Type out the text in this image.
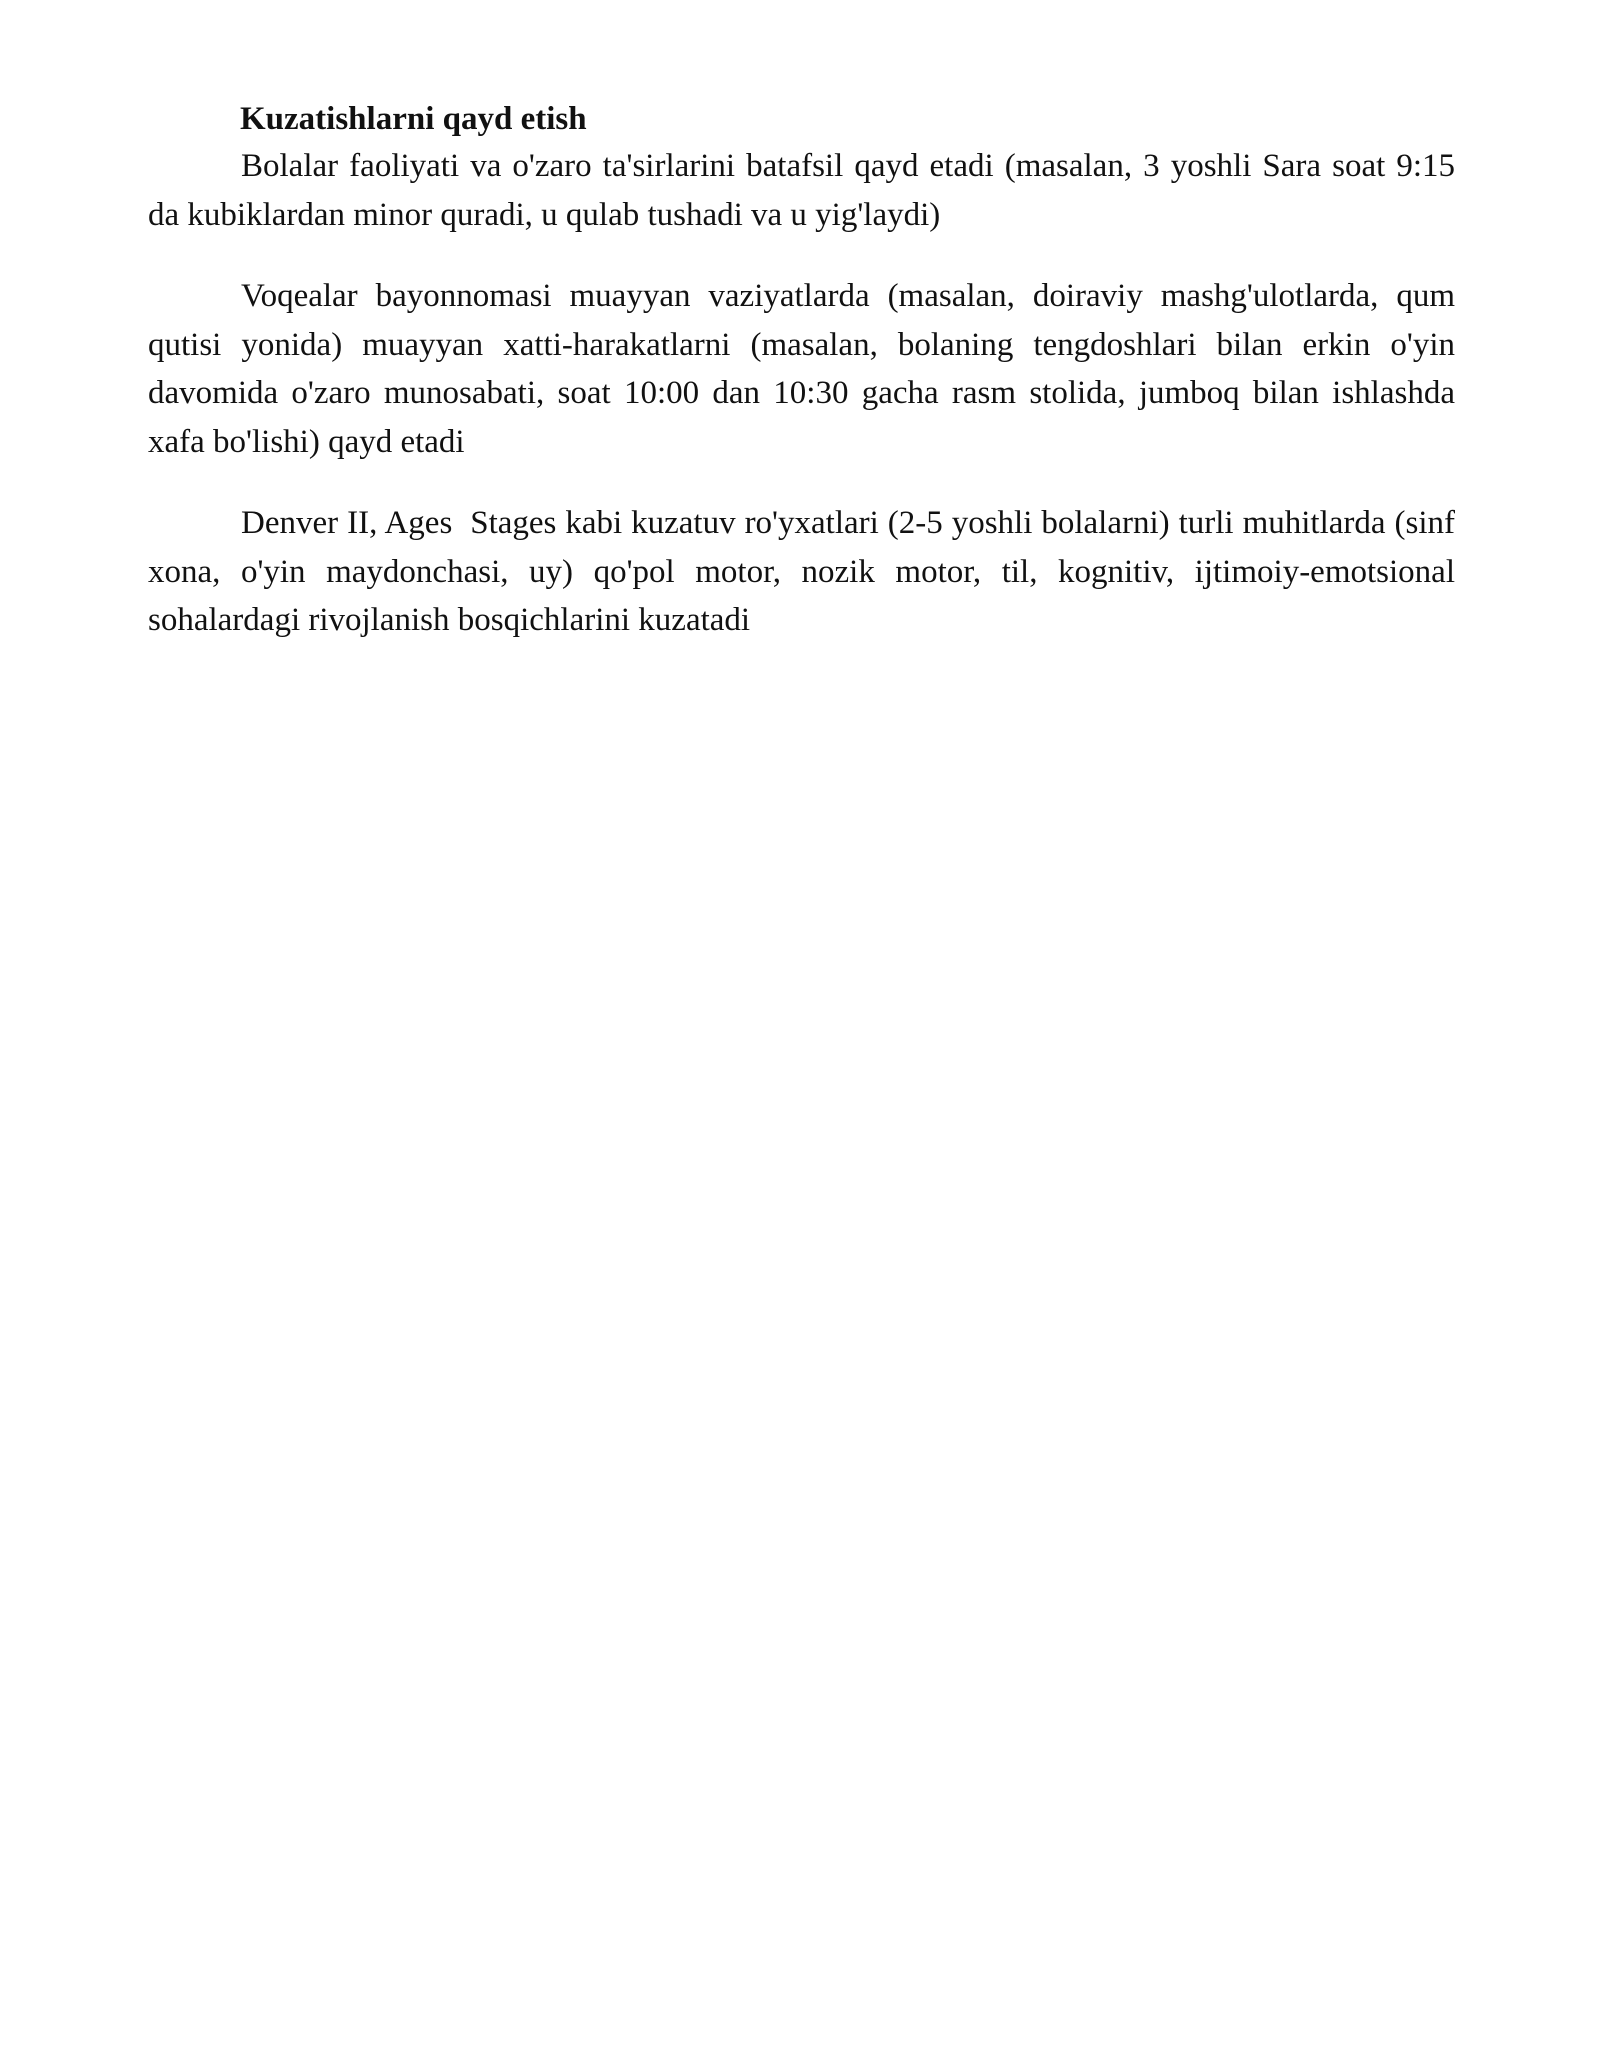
Kuzatishlarni qayd etish

Bolalar faoliyati va o'zaro ta'sirlarini batafsil qayd etadi (masalan, 3 yoshli Sara soat 9:15 da kubiklardan minor quradi, u qulab tushadi va u yig'laydi)

Voqealar bayonnomasi muayyan vaziyatlarda (masalan, doiraviy mashg'ulotlarda, qum qutisi yonida) muayyan xatti-harakatlarni (masalan, bolaning tengdoshlari bilan erkin o'yin davomida o'zaro munosabati, soat 10:00 dan 10:30 gacha rasm stolida, jumboq bilan ishlashda xafa bo'lishi) qayd etadi

Denver II, Ages  Stages kabi kuzatuv ro'yxatlari (2-5 yoshli bolalarni) turli muhitlarda (sinf xona, o'yin maydonchasi, uy) qo'pol motor, nozik motor, til, kognitiv, ijtimoiy-emotsional sohalardagi rivojlanish bosqichlarini kuzatadi
